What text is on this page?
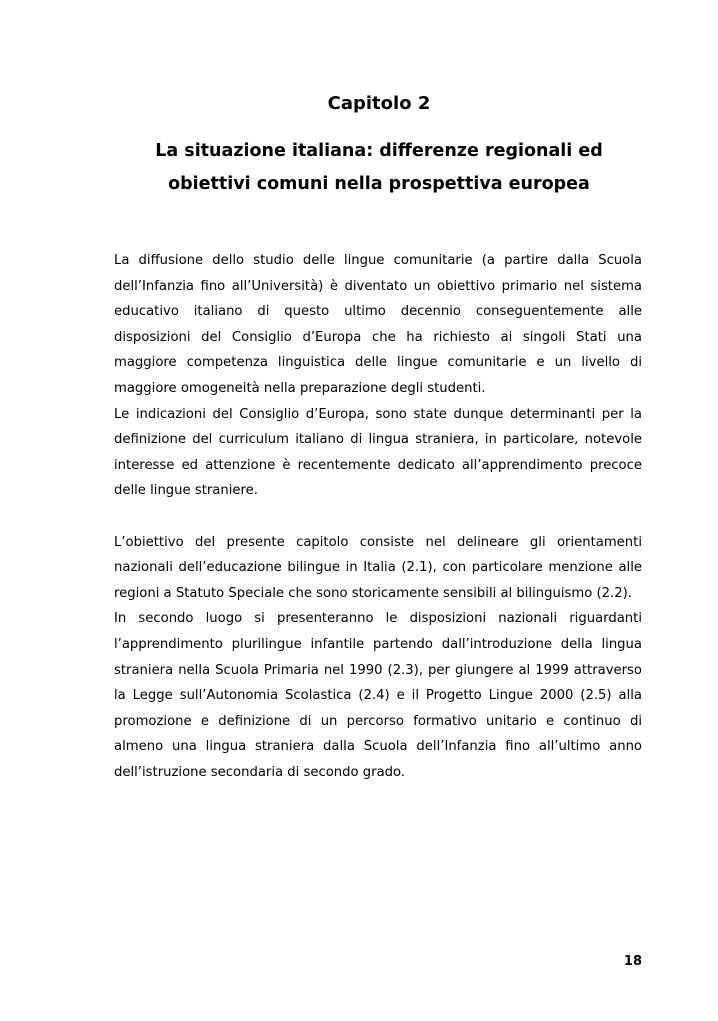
Capitolo 2
La situazione italiana: differenze regionali ed obiettivi comuni nella prospettiva europea

La diffusione dello studio delle lingue comunitarie (a partire dalla Scuola dell’Infanzia fino all’Università) è diventato un obiettivo primario nel sistema educativo italiano di questo ultimo decennio conseguentemente alle disposizioni del Consiglio d’Europa che ha richiesto ai singoli Stati una maggiore competenza linguistica delle lingue comunitarie e un livello di maggiore omogeneità nella preparazione degli studenti.

Le indicazioni del Consiglio d’Europa, sono state dunque determinanti per la definizione del curriculum italiano di lingua straniera, in particolare, notevole interesse ed attenzione è recentemente dedicato all’apprendimento precoce delle lingue straniere.

L’obiettivo del presente capitolo consiste nel delineare gli orientamenti nazionali dell’educazione bilingue in Italia (2.1), con particolare menzione alle regioni a Statuto Speciale che sono storicamente sensibili al bilinguismo (2.2).

In secondo luogo si presenteranno le disposizioni nazionali riguardanti l’apprendimento plurilingue infantile partendo dall’introduzione della lingua straniera nella Scuola Primaria nel 1990 (2.3), per giungere al 1999 attraverso la Legge sull’Autonomia Scolastica (2.4) e il Progetto Lingue 2000 (2.5) alla promozione e definizione di un percorso formativo unitario e continuo di almeno una lingua straniera dalla Scuola dell’Infanzia fino all’ultimo anno dell’istruzione secondaria di secondo grado.

18
